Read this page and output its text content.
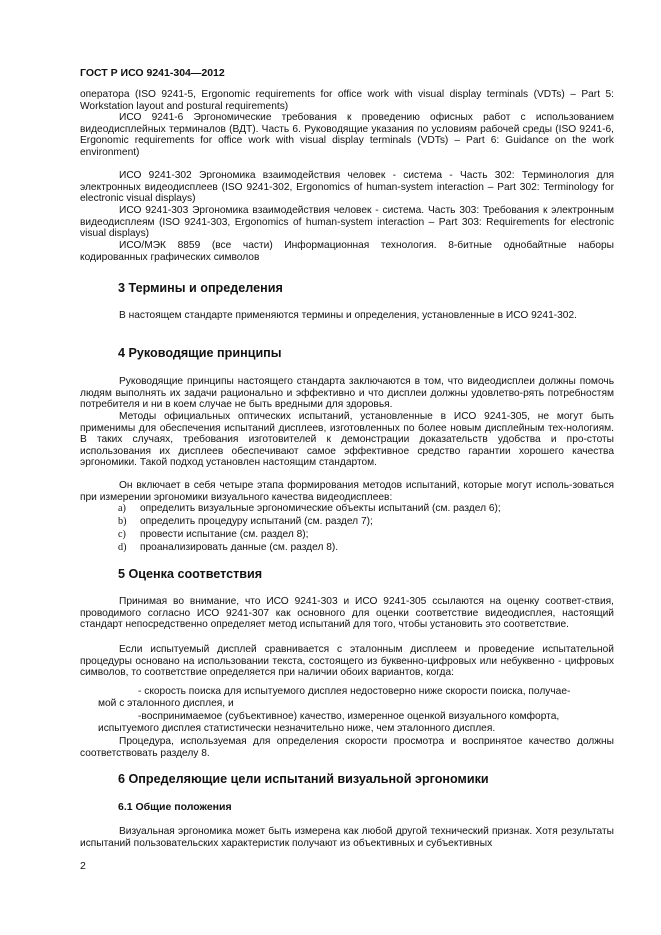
ГОСТ Р ИСО 9241-304—2012

оператора (ISO 9241-5, Ergonomic requirements for office work with visual display terminals (VDTs) – Part 5: Workstation layout and postural requirements)

ИСО 9241-6 Эргономические требования к проведению офисных работ с использованием видеодисплейных терминалов (ВДТ). Часть 6. Руководящие указания по условиям рабочей среды (ISO 9241-6, Ergonomic requirements for office work with visual display terminals (VDTs) – Part 6: Guidance on the work environment)

ИСО 9241-302 Эргономика взаимодействия человек - система - Часть 302: Терминология для электронных видеодисплеев (ISO 9241-302, Ergonomics of human-system interaction – Part 302: Terminology for electronic visual displays)

ИСО 9241-303 Эргономика взаимодействия человек - система. Часть 303: Требования к электронным видеодисплеям (ISO 9241-303, Ergonomics of human-system interaction – Part 303: Requirements for electronic visual displays)

ИСО/МЭК 8859 (все части) Информационная технология. 8-битные однобайтные наборы кодированных графических символов

3 Термины и определения

В настоящем стандарте применяются термины и определения, установленные в ИСО 9241-302.

4 Руководящие принципы

Руководящие принципы настоящего стандарта заключаются в том, что видеодисплеи должны помочь людям выполнять их задачи рационально и эффективно и что дисплеи должны удовлетво-рять потребностям потребителя и ни в коем случае не быть вредными для здоровья.

Методы официальных оптических испытаний, установленные в ИСО 9241-305, не могут быть применимы для обеспечения испытаний дисплеев, изготовленных по более новым дисплейным тех-нологиям. В таких случаях, требования изготовителей к демонстрации доказательств удобства и про-стоты использования их дисплеев обеспечивают самое эффективное средство гарантии хорошего качества эргономики. Такой подход установлен настоящим стандартом.

Он включает в себя четыре этапа формирования методов испытаний, которые могут исполь-зоваться при измерении эргономики визуального качества видеодисплеев:

a) определить визуальные эргономические объекты испытаний (см. раздел 6);
b) определить процедуру испытаний (см. раздел 7);
c) провести испытание (см. раздел 8);
d) проанализировать данные (см. раздел 8).
5 Оценка соответствия

Принимая во внимание, что ИСО 9241-303 и ИСО 9241-305 ссылаются на оценку соответ-ствия, проводимого согласно ИСО 9241-307 как основного для оценки соответствие видеодисплея, настоящий стандарт непосредственно определяет метод испытаний для того, чтобы установить это соответствие.

Если испытуемый дисплей сравнивается с эталонным дисплеем и проведение испытательной процедуры основано на использовании текста, состоящего из буквенно-цифровых или небуквенно - цифровых символов, то соответствие определяется при наличии обоих вариантов, когда:

- скорость поиска для испытуемого дисплея недостоверно ниже скорости поиска, получае-
мой с эталонного дисплея, и
-воспринимаемое (субъективное) качество, измеренное оценкой визуального комфорта,
испытуемого дисплея статистически незначительно ниже, чем эталонного дисплея.

Процедура, используемая для определения скорости просмотра и воспринятое качество должны соответствовать разделу 8.

6 Определяющие цели испытаний визуальной эргономики
6.1 Общие положения

Визуальная эргономика может быть измерена как любой другой технический признак. Хотя результаты испытаний пользовательских характеристик получают из объективных и субъективных

2
